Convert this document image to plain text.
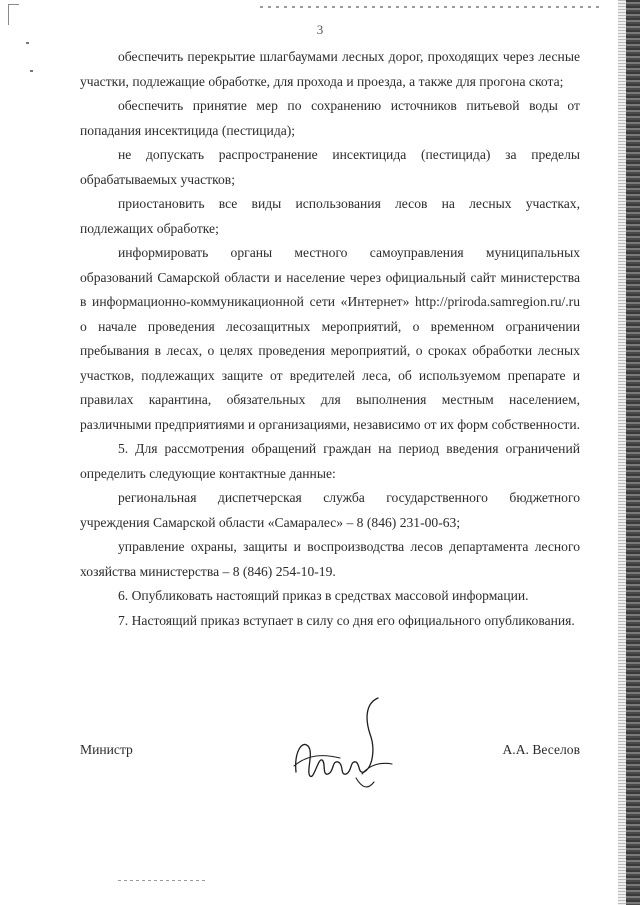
3

обеспечить перекрытие шлагбаумами лесных дорог, проходящих через лесные участки, подлежащие обработке, для прохода и проезда, а также для прогона скота;

обеспечить принятие мер по сохранению источников питьевой воды от попадания инсектицида (пестицида);

не допускать распространение инсектицида (пестицида) за пределы обрабатываемых участков;

приостановить все виды использования лесов на лесных участках, подлежащих обработке;

информировать органы местного самоуправления муниципальных образований Самарской области и население через официальный сайт министерства в информационно-коммуникационной сети «Интернет» http://priroda.samregion.ru/.ru о начале проведения лесозащитных мероприятий, о временном ограничении пребывания в лесах, о целях проведения мероприятий, о сроках обработки лесных участков, подлежащих защите от вредителей леса, об используемом препарате и правилах карантина, обязательных для выполнения местным населением, различными предприятиями и организациями, независимо от их форм собственности.

5. Для рассмотрения обращений граждан на период введения ограничений определить следующие контактные данные:

региональная диспетчерская служба государственного бюджетного учреждения Самарской области «Самаралес» – 8 (846) 231-00-63;

управление охраны, защиты и воспроизводства лесов департамента лесного хозяйства министерства – 8 (846) 254-10-19.

6. Опубликовать настоящий приказ в средствах массовой информации.

7. Настоящий приказ вступает в силу со дня его официального опубликования.

Министр	А.А. Веселов
